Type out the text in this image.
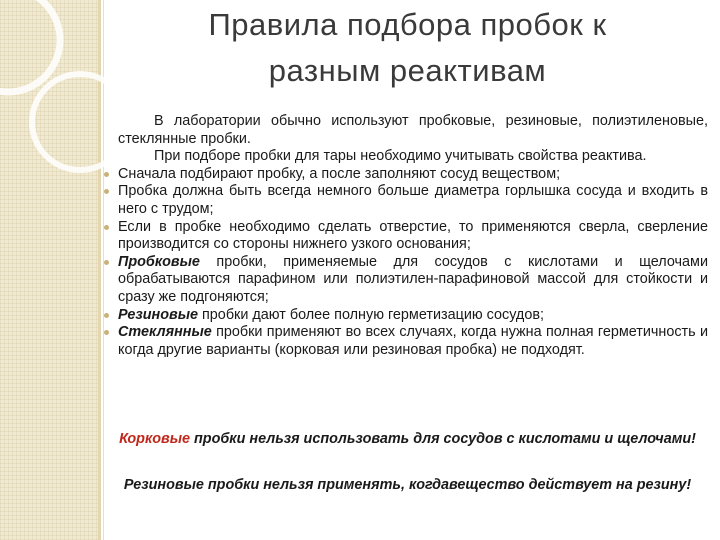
Правила подбора пробок к
разным реактивам

В лаборатории обычно используют пробковые, резиновые, полиэтиленовые, стеклянные пробки.

При подборе пробки для тары необходимо учитывать свойства реактива.

Сначала подбирают пробку, а после заполняют сосуд веществом;
Пробка должна быть всегда немного больше диаметра горлышка сосуда и входить в него с трудом;
Если в пробке необходимо сделать отверстие, то применяются сверла, сверление производится со стороны нижнего узкого основания;
Пробковые пробки, применяемые для сосудов с кислотами и щелочами обрабатываются парафином или полиэтилен-парафиновой массой для стойкости и сразу же подгоняются;
Резиновые пробки дают более полную герметизацию сосудов;
Стеклянные пробки применяют во всех случаях, когда нужна полная герметичность и когда другие варианты (корковая или резиновая пробка) не подходят.

Корковые пробки нельзя использовать для сосудов с кислотами и щелочами!

Резиновые пробки нельзя применять, когдавещество действует на резину!
